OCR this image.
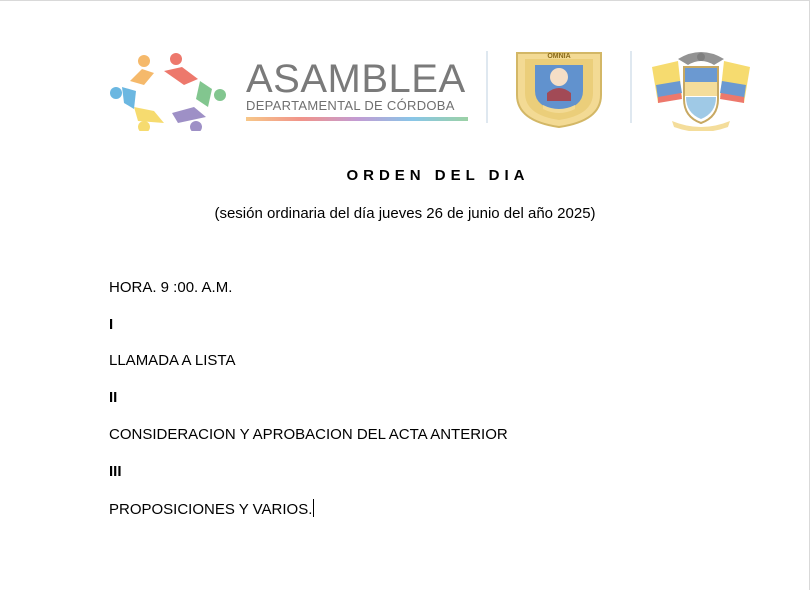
ASAMBLEA
DEPARTAMENTAL DE CÓRDOBA
OMNIA
ORDEN DEL DIA
(sesión ordinaria del día jueves 26 de junio del año 2025)
HORA. 9 :00. A.M.
I
LLAMADA A LISTA
II
CONSIDERACION Y APROBACION DEL ACTA ANTERIOR
III
PROPOSICIONES Y VARIOS.
